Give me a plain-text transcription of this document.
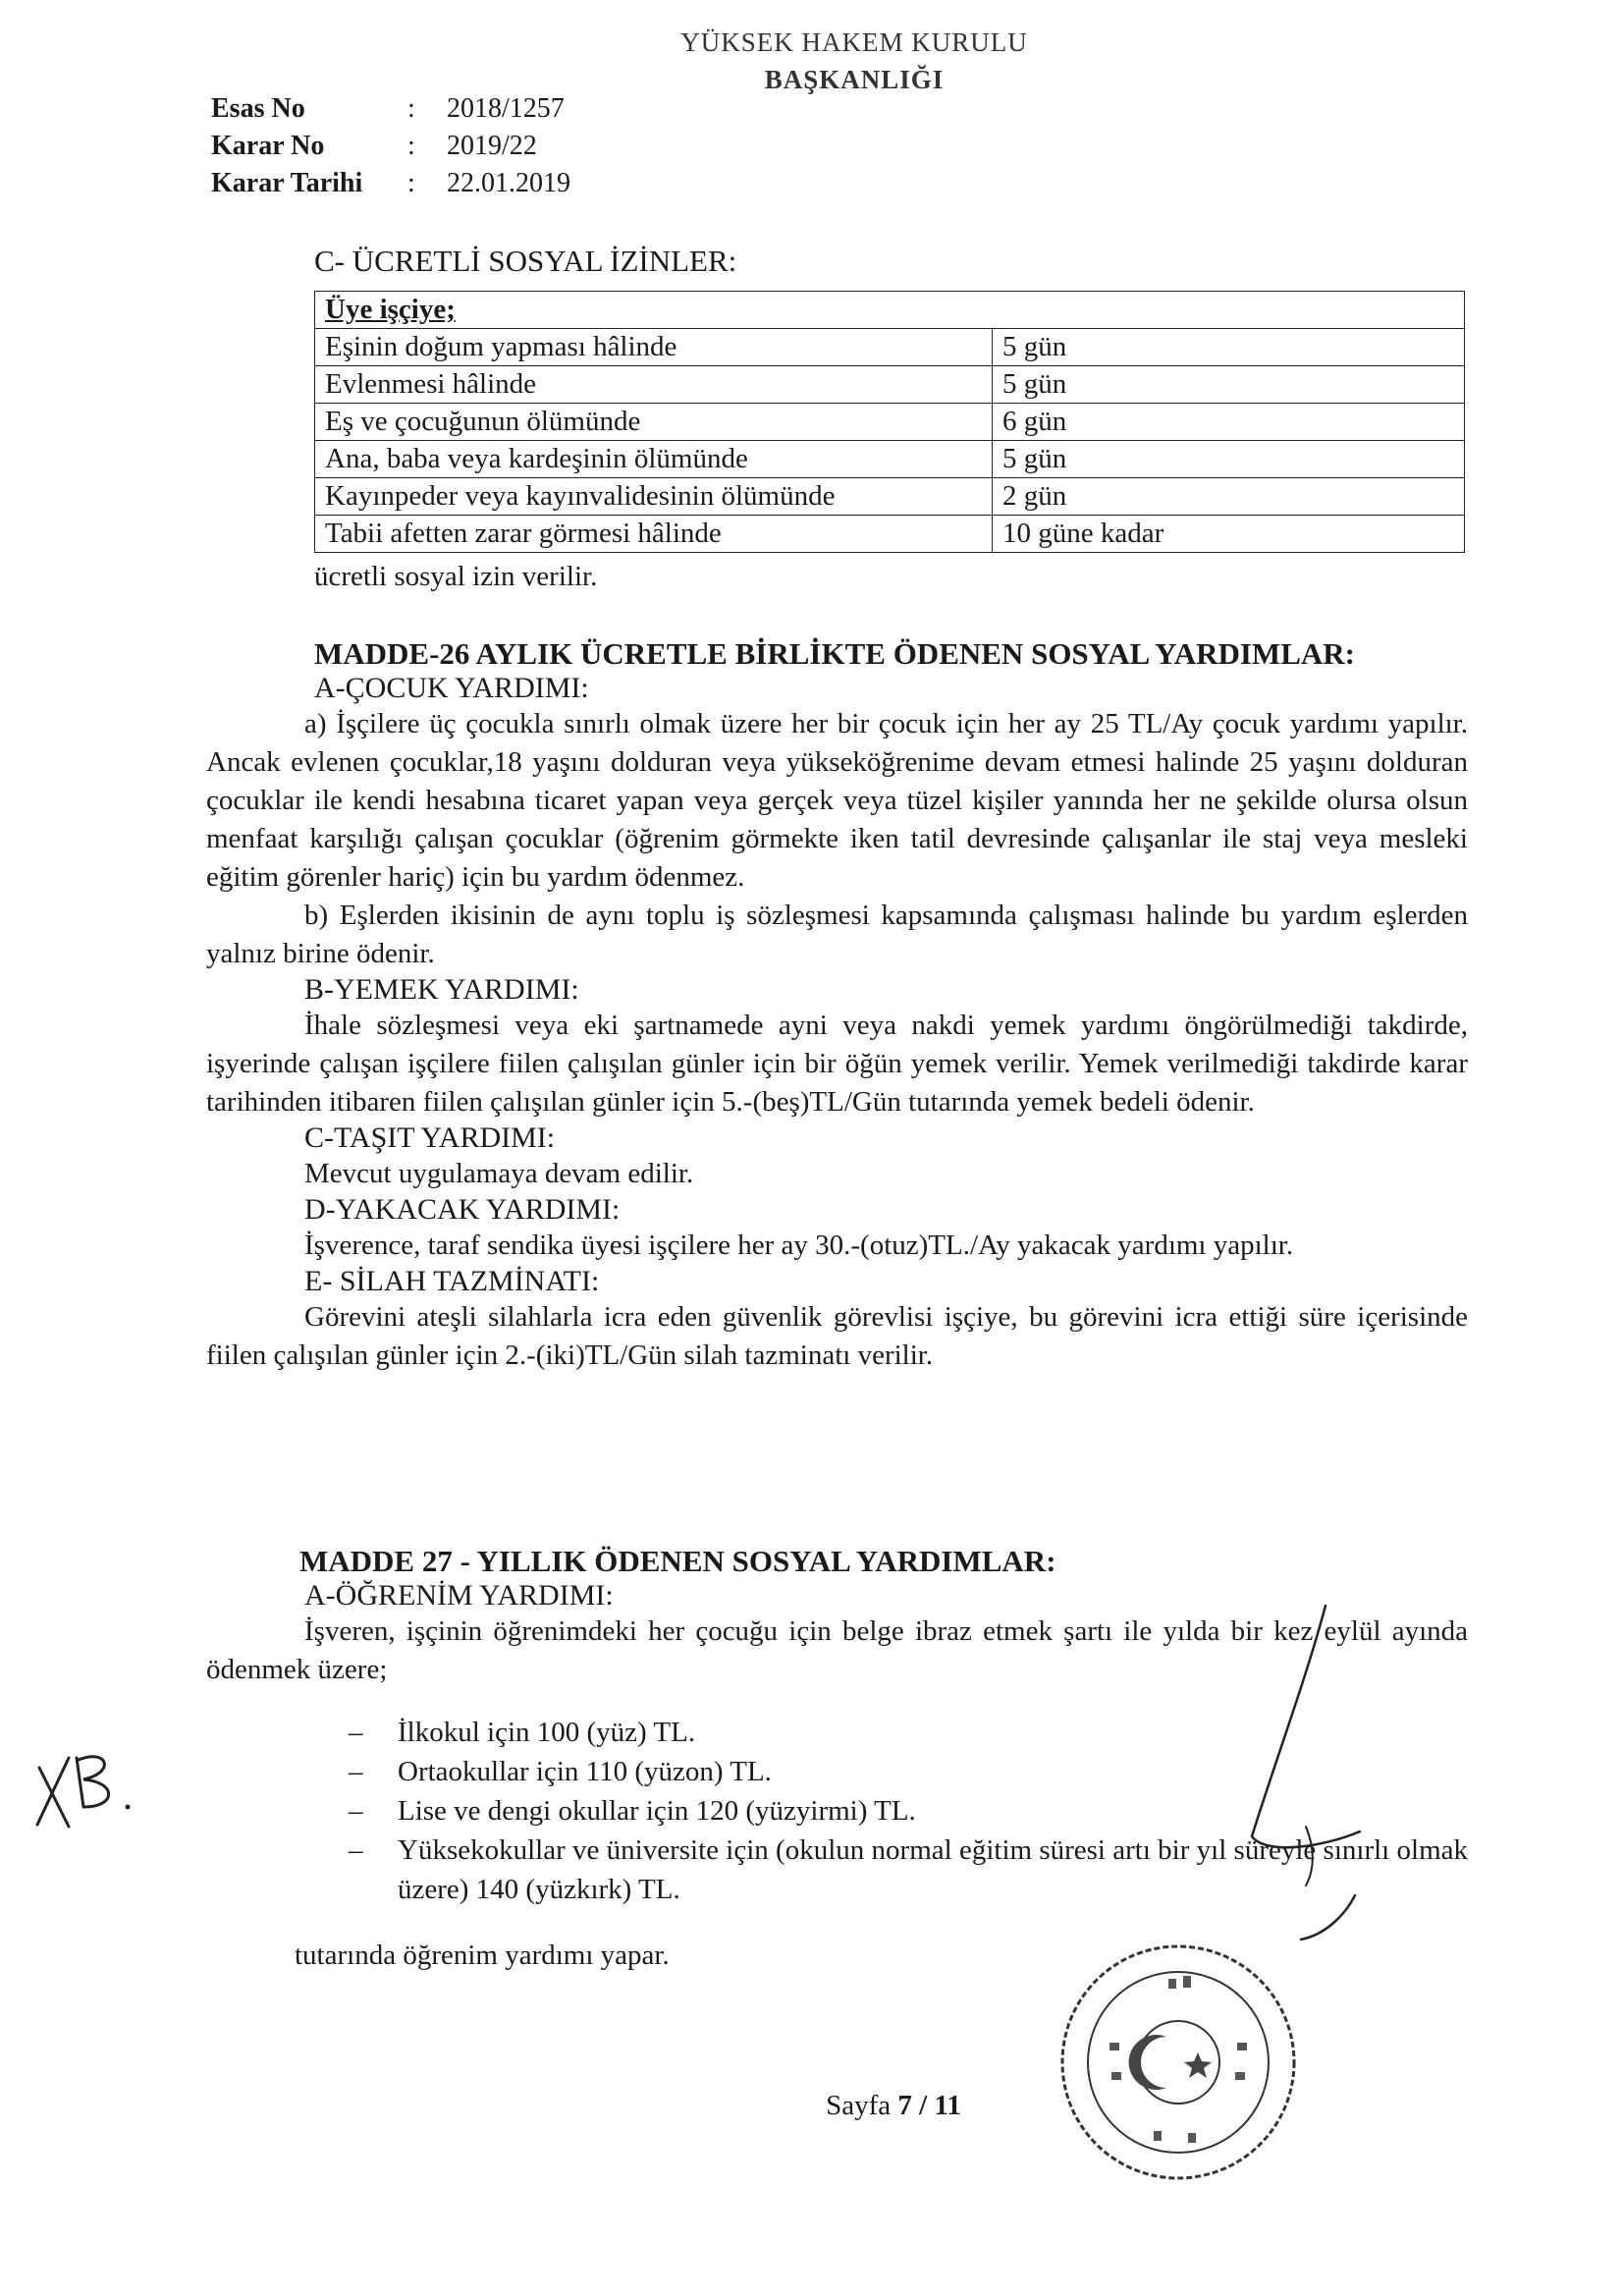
YÜKSEK HAKEM KURULU
BAŞKANLIĞI
Esas No	:	2018/1257
Karar No	:	2019/22
Karar Tarihi	:	22.01.2019
C- ÜCRETLİ SOSYAL İZİNLER:
Üye işçiye;	
Eşinin doğum yapması hâlinde	5 gün
Evlenmesi hâlinde	5 gün
Eş ve çocuğunun ölümünde	6 gün
Ana, baba veya kardeşinin ölümünde	5 gün
Kayınpeder veya kayınvalidesinin ölümünde	2 gün
Tabii afetten zarar görmesi hâlinde	10 güne kadar
ücretli sosyal izin verilir.
MADDE-26 AYLIK ÜCRETLE BİRLİKTE ÖDENEN SOSYAL YARDIMLAR:
A-ÇOCUK YARDIMI:
a) İşçilere üç çocukla sınırlı olmak üzere her bir çocuk için her ay 25 TL/Ay çocuk yardımı yapılır. Ancak evlenen çocuklar,18 yaşını dolduran veya yükseköğrenime devam etmesi halinde 25 yaşını dolduran çocuklar ile kendi hesabına ticaret yapan veya gerçek veya tüzel kişiler yanında her ne şekilde olursa olsun menfaat karşılığı çalışan çocuklar (öğrenim görmekte iken tatil devresinde çalışanlar ile staj veya mesleki eğitim görenler hariç) için bu yardım ödenmez.
b) Eşlerden ikisinin de aynı toplu iş sözleşmesi kapsamında çalışması halinde bu yardım eşlerden yalnız birine ödenir.
B-YEMEK YARDIMI:
İhale sözleşmesi veya eki şartnamede ayni veya nakdi yemek yardımı öngörülmediği takdirde, işyerinde çalışan işçilere fiilen çalışılan günler için bir öğün yemek verilir. Yemek verilmediği takdirde karar tarihinden itibaren fiilen çalışılan günler için 5.-(beş)TL/Gün tutarında yemek bedeli ödenir.
C-TAŞIT YARDIMI:
Mevcut uygulamaya devam edilir.
D-YAKACAK YARDIMI:
İşverence, taraf sendika üyesi işçilere her ay 30.-(otuz)TL./Ay yakacak yardımı yapılır.
E- SİLAH TAZMİNATI:
Görevini ateşli silahlarla icra eden güvenlik görevlisi işçiye, bu görevini icra ettiği süre içerisinde fiilen çalışılan günler için 2.-(iki)TL/Gün silah tazminatı verilir.
MADDE 27 - YILLIK ÖDENEN SOSYAL YARDIMLAR:
A-ÖĞRENİM YARDIMI:
İşveren, işçinin öğrenimdeki her çocuğu için belge ibraz etmek şartı ile yılda bir kez eylül ayında ödenmek üzere;
– İlkokul için 100 (yüz) TL.
– Ortaokullar için 110 (yüzon) TL.
– Lise ve dengi okullar için 120 (yüzyirmi) TL.
– Yüksekokullar ve üniversite için (okulun normal eğitim süresi artı bir yıl süreyle sınırlı olmak üzere) 140 (yüzkırk) TL.
tutarında öğrenim yardımı yapar.
Sayfa 7 / 11
